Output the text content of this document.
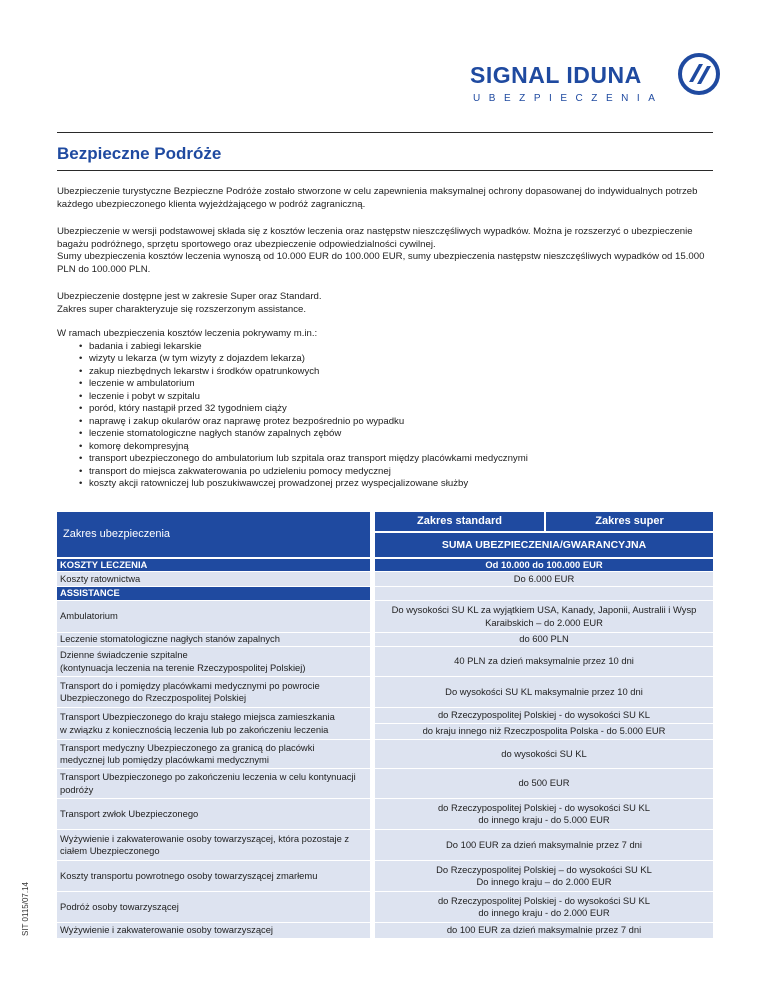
SIGNAL IDUNA
U B E Z P I E C Z E N I A
Bezpieczne Podróże

Ubezpieczenie turystyczne Bezpieczne Podróże zostało stworzone w celu zapewnienia maksymalnej ochrony dopasowanej do indywidualnych potrzeb każdego ubezpieczonego klienta wyjeżdżającego w podróż zagraniczną.

Ubezpieczenie w wersji podstawowej składa się z kosztów leczenia oraz następstw nieszczęśliwych wypadków. Można je rozszerzyć o ubezpieczenie bagażu podróżnego, sprzętu sportowego oraz ubezpieczenie odpowiedzialności cywilnej.

Sumy ubezpieczenia kosztów leczenia wynoszą od 10.000 EUR do 100.000 EUR, sumy ubezpieczenia następstw nieszczęśliwych wypadków od 15.000 PLN do 100.000 PLN.

Ubezpieczenie dostępne jest w zakresie Super oraz Standard.

Zakres super charakteryzuje się rozszerzonym assistance.

W ramach ubezpieczenia kosztów leczenia pokrywamy m.in.:

• badania i zabiegi lekarskie
• wizyty u lekarza (w tym wizyty z dojazdem lekarza)
• zakup niezbędnych lekarstw i środków opatrunkowych
• leczenie w ambulatorium
• leczenie i pobyt w szpitalu
• poród, który nastąpił przed 32 tygodniem ciąży
• naprawę i zakup okularów oraz naprawę protez bezpośrednio po wypadku
• leczenie stomatologiczne nagłych stanów zapalnych zębów
• komorę dekompresyjną
• transport ubezpieczonego do ambulatorium lub szpitala oraz transport między placówkami medycznymi
• transport do miejsca zakwaterowania po udzieleniu pomocy medycznej
• koszty akcji ratowniczej lub poszukiwawczej prowadzonej przez wyspecjalizowane służby
Zakres ubezpieczenia
Zakres standard	Zakres super
SUMA UBEZPIECZENIA/GWARANCYJNA
KOSZTY LECZENIA
Koszty ratownictwa
ASSISTANCE
Ambulatorium
Leczenie stomatologiczne nagłych stanów zapalnych
Dzienne świadczenie szpitalne
(kontynuacja leczenia na terenie Rzeczypospolitej Polskiej)
Transport do i pomiędzy placówkami medycznymi po powrocie
Ubezpieczonego do Rzeczpospolitej Polskiej
Transport Ubezpieczonego do kraju stałego miejsca zamieszkania
w związku z koniecznością leczenia lub po zakończeniu leczenia
Transport medyczny Ubezpieczonego za granicą do placówki
medycznej lub pomiędzy placówkami medycznymi
Transport Ubezpieczonego po zakończeniu leczenia w celu kontynuacji
podróży
Transport zwłok Ubezpieczonego
Wyżywienie i zakwaterowanie osoby towarzyszącej, która pozostaje z
ciałem Ubezpieczonego
Koszty transportu powrotnego osoby towarzyszącej zmarłemu
Podróż osoby towarzyszącej
Wyżywienie i zakwaterowanie osoby towarzyszącej
Od 10.000 do 100.000 EUR
Do 6.000 EUR
Do wysokości SU KL za wyjątkiem USA, Kanady, Japonii, Australii i Wysp
Karaibskich – do 2.000 EUR
do 600 PLN
40 PLN za dzień maksymalnie przez 10 dni
Do wysokości SU KL maksymalnie przez 10 dni
do Rzeczypospolitej Polskiej - do wysokości SU KL
do kraju innego niż Rzeczpospolita Polska - do 5.000 EUR
do wysokości SU KL
do 500 EUR
do Rzeczypospolitej Polskiej - do wysokości SU KL
do innego kraju - do 5.000 EUR
Do 100 EUR za dzień maksymalnie przez 7 dni
Do Rzeczypospolitej Polskiej – do wysokości SU KL
Do innego kraju – do 2.000 EUR
do Rzeczypospolitej Polskiej - do wysokości SU KL
do innego kraju - do 2.000 EUR
do 100 EUR za dzień maksymalnie przez 7 dni
SIT 0115/07.14
